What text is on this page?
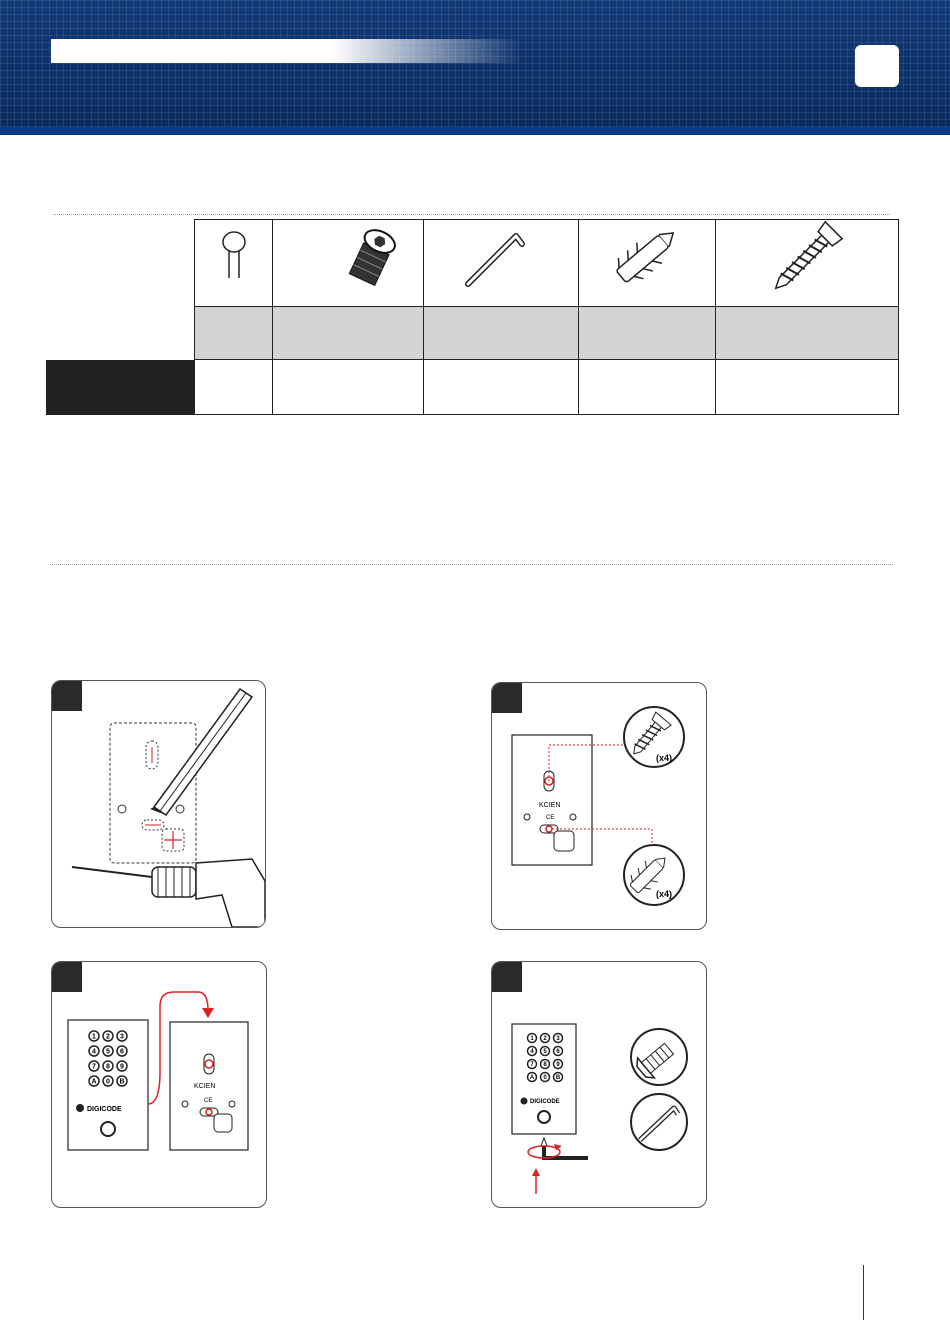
KCIEN
CE
(x4)
(x4)
1 2 3
4 5 6
7 8 9
A 0 B
DIGICODE
KCIEN
CE
1 2 3
4 5 6
7 8 9
A 0 B
DIGICODE
